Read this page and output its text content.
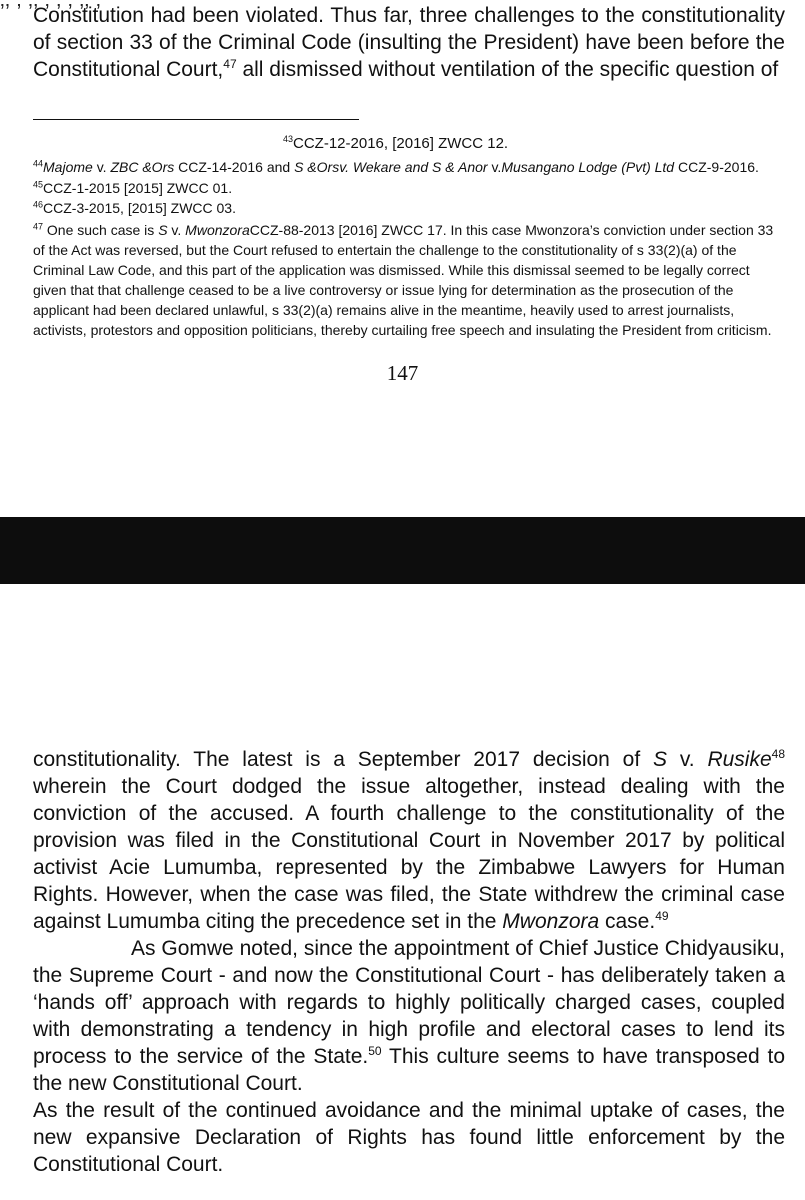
Constitution had been violated. Thus far, three challenges to the constitutionality of section 33 of the Criminal Code (insulting the President) have been before the Constitutional Court,$^{47}$ all dismissed without ventilation of the specific question of

$^{43}$CCZ-12-2016, [2016] ZWCC 12.
$^{44}$Majome v. ZBC &Ors CCZ-14-2016 and S &Orsv. Wekare and S & Anor v.Musangano Lodge (Pvt) Ltd CCZ-9-2016.
$^{45}$CCZ-1-2015 [2015] ZWCC 01.
$^{46}$CCZ-3-2015, [2015] ZWCC 03.
$^{47}$ One such case is S v. MwonzoraCCZ-88-2013 [2016] ZWCC 17. In this case Mwonzora’s conviction under section 33 of the Act was reversed, but the Court refused to entertain the challenge to the constitutionality of s 33(2)(a) of the Criminal Law Code, and this part of the application was dismissed. While this dismissal seemed to be legally correct given that that challenge ceased to be a live controversy or issue lying for determination as the prosecution of the applicant had been declared unlawful, s 33(2)(a) remains alive in the meantime, heavily used to arrest journalists, activists, protestors and opposition politicians, thereby curtailing free speech and insulating the President from criticism.
147

constitutionality. The latest is a September 2017 decision of S v. Rusike$^{48}$ wherein the Court dodged the issue altogether, instead dealing with the conviction of the accused. A fourth challenge to the constitutionality of the provision was filed in the Constitutional Court in November 2017 by political activist Acie Lumumba, represented by the Zimbabwe Lawyers for Human Rights. However, when the case was filed, the State withdrew the criminal case against Lumumba citing the precedence set in the Mwonzora case.$^{49}$

As Gomwe noted, since the appointment of Chief Justice Chidyausiku, the Supreme Court - and now the Constitutional Court - has deliberately taken a ‘hands off’ approach with regards to highly politically charged cases, coupled with demonstrating a tendency in high profile and electoral cases to lend its process to the service of the State.$^{50}$ This culture seems to have transposed to the new Constitutional Court.

As the result of the continued avoidance and the minimal uptake of cases, the new expansive Declaration of Rights has found little enforcement by the Constitutional Court.
